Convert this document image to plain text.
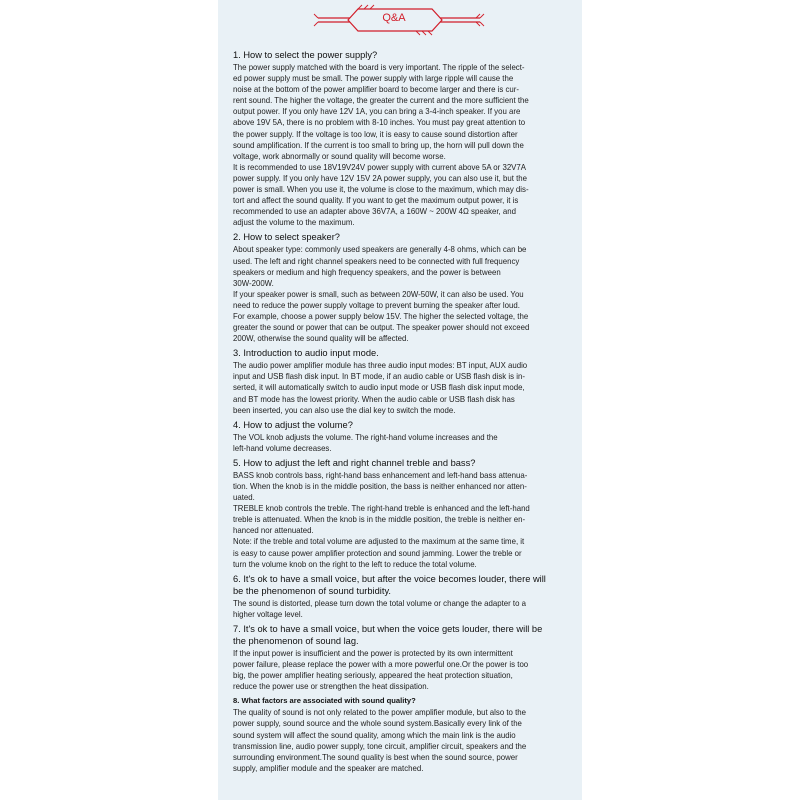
Q&A
1. How to select the power supply?
The power supply matched with the board is very important. The ripple of the select-
ed power supply must be small. The power supply with large ripple will cause the
noise at the bottom of the power amplifier board to become larger and there is cur-
rent sound. The higher the voltage, the greater the current and the more sufficient the
output power. If you only have 12V 1A, you can bring a 3-4-inch speaker. If you are
above 19V 5A, there is no problem with 8-10 inches. You must pay great attention to
the power supply. If the voltage is too low, it is easy to cause sound distortion after
sound amplification. If the current is too small to bring up, the horn will pull down the
voltage, work abnormally or sound quality will become worse.
It is recommended to use 18V19V24V power supply with current above 5A or 32V7A
power supply. If you only have 12V 15V 2A power supply, you can also use it, but the
power is small. When you use it, the volume is close to the maximum, which may dis-
tort and affect the sound quality. If you want to get the maximum output power, it is
recommended to use an adapter above 36V7A, a 160W ~ 200W 4Ω speaker, and
adjust the volume to the maximum.
2. How to select speaker?
About speaker type: commonly used speakers are generally 4-8 ohms, which can be
used. The left and right channel speakers need to be connected with full frequency
speakers or medium and high frequency speakers, and the power is between
30W-200W.
If your speaker power is small, such as between 20W-50W, it can also be used. You
need to reduce the power supply voltage to prevent burning the speaker after loud.
For example, choose a power supply below 15V. The higher the selected voltage, the
greater the sound or power that can be output. The speaker power should not exceed
200W, otherwise the sound quality will be affected.
3. Introduction to audio input mode.
The audio power amplifier module has three audio input modes: BT input, AUX audio
input and USB flash disk input. In BT mode, if an audio cable or USB flash disk is in-
serted, it will automatically switch to audio input mode or USB flash disk input mode,
and BT mode has the lowest priority. When the audio cable or USB flash disk has
been inserted, you can also use the dial key to switch the mode.
4. How to adjust the volume?
The VOL knob adjusts the volume. The right-hand volume increases and the
left-hand volume decreases.
5. How to adjust the left and right channel treble and bass?
BASS knob controls bass, right-hand bass enhancement and left-hand bass attenua-
tion. When the knob is in the middle position, the bass is neither enhanced nor atten-
uated.
TREBLE knob controls the treble. The right-hand treble is enhanced and the left-hand
treble is attenuated. When the knob is in the middle position, the treble is neither en-
hanced nor attenuated.
Note: if the treble and total volume are adjusted to the maximum at the same time, it
is easy to cause power amplifier protection and sound jamming. Lower the treble or
turn the volume knob on the right to the left to reduce the total volume.
6. It's ok to have a small voice, but after the voice becomes louder, there will
be the phenomenon of sound turbidity.
The sound is distorted, please turn down the total volume or change the adapter to a
higher voltage level.
7. It's ok to have a small voice, but when the voice gets louder, there will be
the phenomenon of sound lag.
If the input power is insufficient and the power is protected by its own intermittent
power failure, please replace the power with a more powerful one.Or the power is too
big, the power amplifier heating seriously, appeared the heat protection situation,
reduce the power use or strengthen the heat dissipation.
8. What factors are associated with sound quality?
The quality of sound is not only related to the power amplifier module, but also to the
power supply, sound source and the whole sound system.Basically every link of the
sound system will affect the sound quality, among which the main link is the audio
transmission line, audio power supply, tone circuit, amplifier circuit, speakers and the
surrounding environment.The sound quality is best when the sound source, power
supply, amplifier module and the speaker are matched.
